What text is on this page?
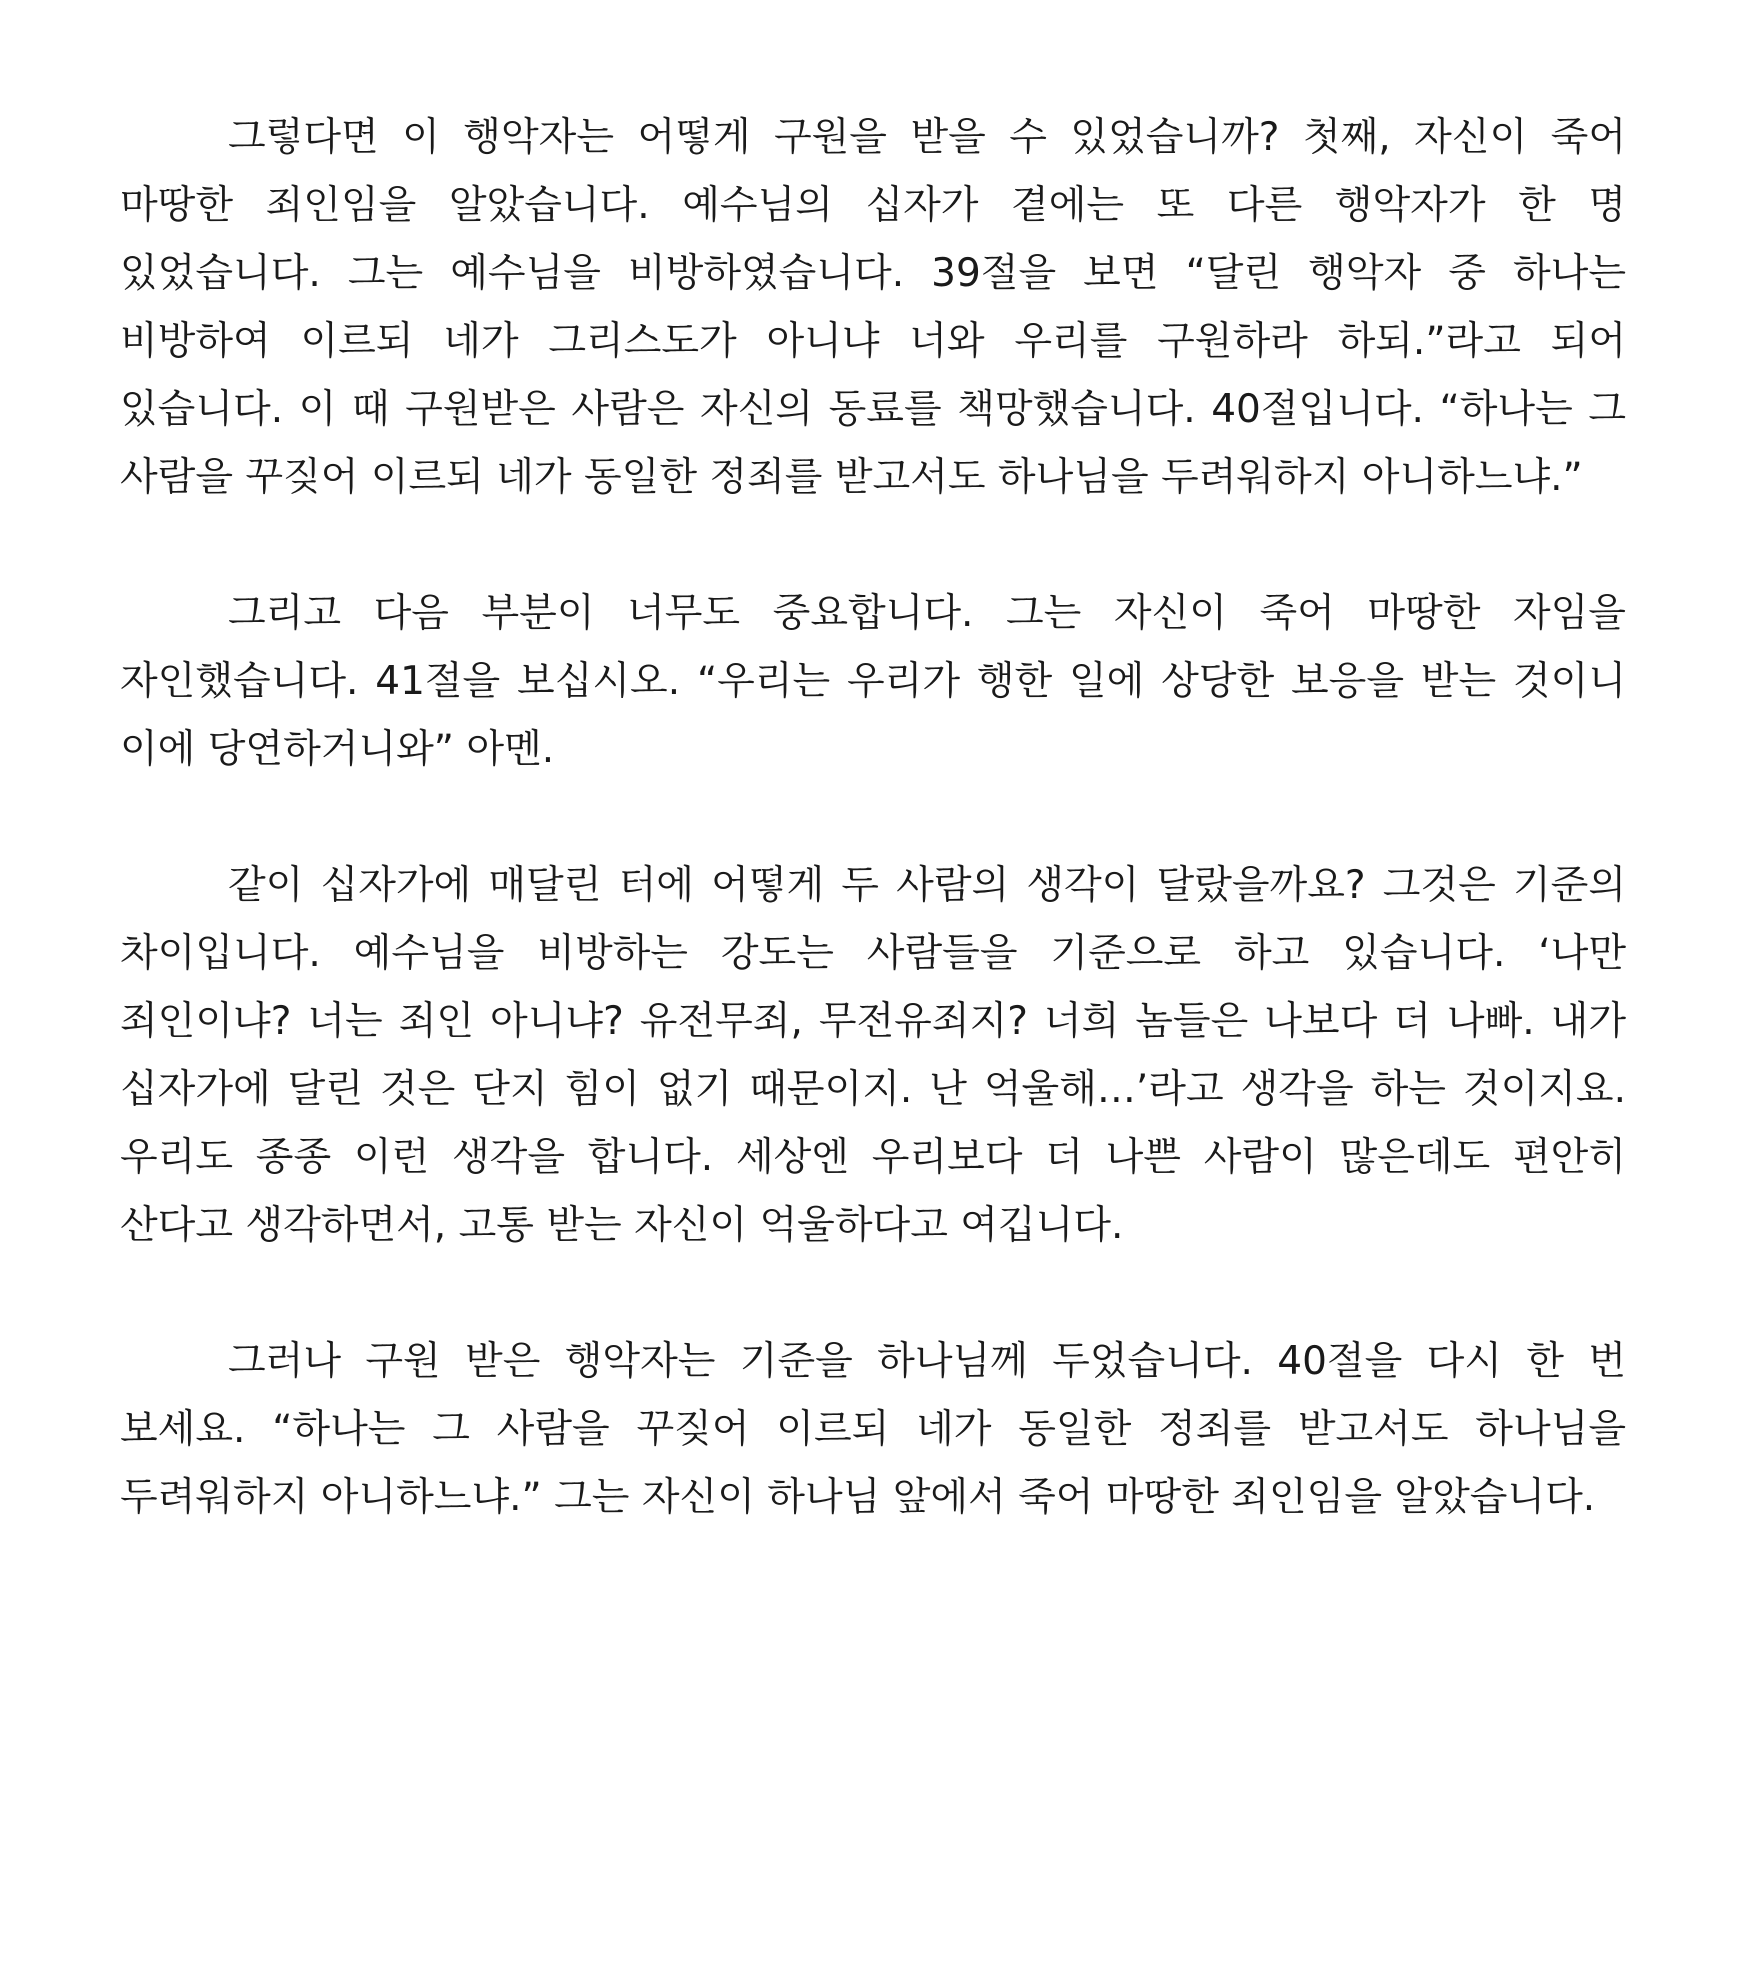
그렇다면 이 행악자는 어떻게 구원을 받을 수 있었습니까? 첫째, 자신이 죽어 마땅한 죄인임을 알았습니다. 예수님의 십자가 곁에는 또 다른 행악자가 한 명 있었습니다. 그는 예수님을 비방하였습니다. 39절을 보면 “달린 행악자 중 하나는 비방하여 이르되 네가 그리스도가 아니냐 너와 우리를 구원하라 하되.”라고 되어 있습니다. 이 때 구원받은 사람은 자신의 동료를 책망했습니다. 40절입니다. “하나는 그 사람을 꾸짖어 이르되 네가 동일한 정죄를 받고서도 하나님을 두려워하지 아니하느냐.”

그리고 다음 부분이 너무도 중요합니다. 그는 자신이 죽어 마땅한 자임을 자인했습니다. 41절을 보십시오. “우리는 우리가 행한 일에 상당한 보응을 받는 것이니 이에 당연하거니와” 아멘.

같이 십자가에 매달린 터에 어떻게 두 사람의 생각이 달랐을까요? 그것은 기준의 차이입니다. 예수님을 비방하는 강도는 사람들을 기준으로 하고 있습니다. ‘나만 죄인이냐? 너는 죄인 아니냐? 유전무죄, 무전유죄지? 너희 놈들은 나보다 더 나빠. 내가 십자가에 달린 것은 단지 힘이 없기 때문이지. 난 억울해…’라고 생각을 하는 것이지요. 우리도 종종 이런 생각을 합니다. 세상엔 우리보다 더 나쁜 사람이 많은데도 편안히 산다고 생각하면서, 고통 받는 자신이 억울하다고 여깁니다.

그러나 구원 받은 행악자는 기준을 하나님께 두었습니다. 40절을 다시 한 번 보세요. “하나는 그 사람을 꾸짖어 이르되 네가 동일한 정죄를 받고서도 하나님을 두려워하지 아니하느냐.” 그는 자신이 하나님 앞에서 죽어 마땅한 죄인임을 알았습니다.
